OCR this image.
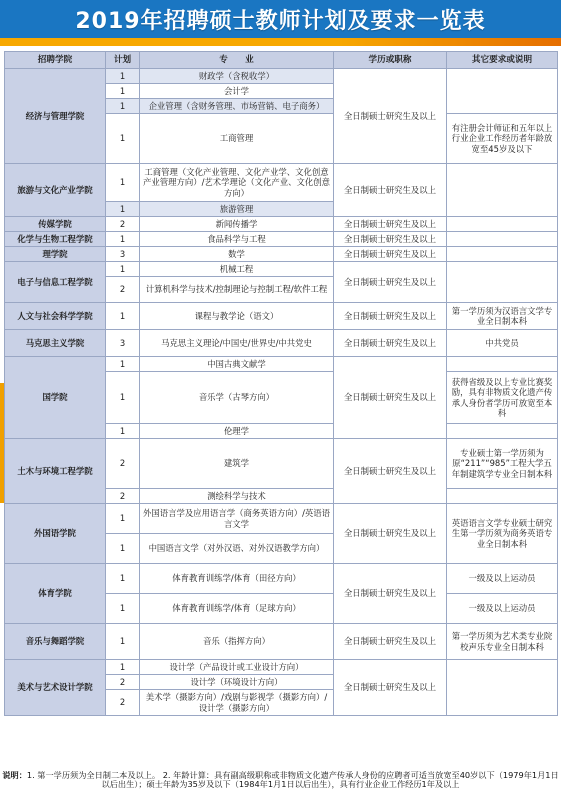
2019年招聘硕士教师计划及要求一览表
招聘学院	计划	专　　业	学历或职称	其它要求或说明
经济与管理学院	1	财政学（含税收学）	全日制硕士研究生及以上	
	1	会计学		
	1	企业管理（含财务管理、市场营销、电子商务）		
	1	工商管理		有注册会计师证和五年以上行业企业工作经历者年龄放宽至45岁及以下
旅游与文化产业学院	1	工商管理（文化产业管理、文化产业学、文化创意产业管理方向）/艺术学理论（文化产业、文化创意方向）	全日制硕士研究生及以上	
	1	旅游管理		
传媒学院	2	新闻传播学	全日制硕士研究生及以上	
化学与生物工程学院	1	食品科学与工程	全日制硕士研究生及以上	
理学院	3	数学	全日制硕士研究生及以上	
电子与信息工程学院	1	机械工程	全日制硕士研究生及以上	
	2	计算机科学与技术/控制理论与控制工程/软件工程		
人文与社会科学学院	1	课程与教学论（语文）	全日制硕士研究生及以上	第一学历须为汉语言文学专业全日制本科
马克思主义学院	3	马克思主义理论/中国史/世界史/中共党史	全日制硕士研究生及以上	中共党员
国学院	1	中国古典文献学	全日制硕士研究生及以上	
	1	音乐学（古琴方向）		获得省级及以上专业比赛奖励，具有非物质文化遗产传承人身份者学历可放宽至本科
	1	伦理学		
土木与环境工程学院	2	建筑学	全日制硕士研究生及以上	专业硕士第一学历须为原“211”“985”工程大学五年制建筑学专业全日制本科
	2	测绘科学与技术		
外国语学院	1	外国语言学及应用语言学（商务英语方向）/英语语言文学	全日制硕士研究生及以上	英语语言文学专业硕士研究生第一学历须为商务英语专业全日制本科
	1	中国语言文学（对外汉语、对外汉语教学方向）		
体育学院	1	体育教育训练学/体育（田径方向）	全日制硕士研究生及以上	一级及以上运动员
	1	体育教育训练学/体育（足球方向）		一级及以上运动员
音乐与舞蹈学院	1	音乐（指挥方向）	全日制硕士研究生及以上	第一学历须为艺术类专业院校声乐专业全日制本科
美术与艺术设计学院	1	设计学（产品设计或工业设计方向）	全日制硕士研究生及以上	
	2	设计学（环境设计方向）		
	2	美术学（摄影方向）/戏剧与影视学（摄影方向）/设计学（摄影方向）		
说明：1. 第一学历须为全日制二本及以上。 2. 年龄计算：具有副高级职称或非物质文化遗产传承人身份的应聘者可适当放宽至40岁以下（1979年1月1日以后出生）；硕士年龄为35岁及以下（1984年1月1日以后出生），具有行业企业工作经历1年及以上
